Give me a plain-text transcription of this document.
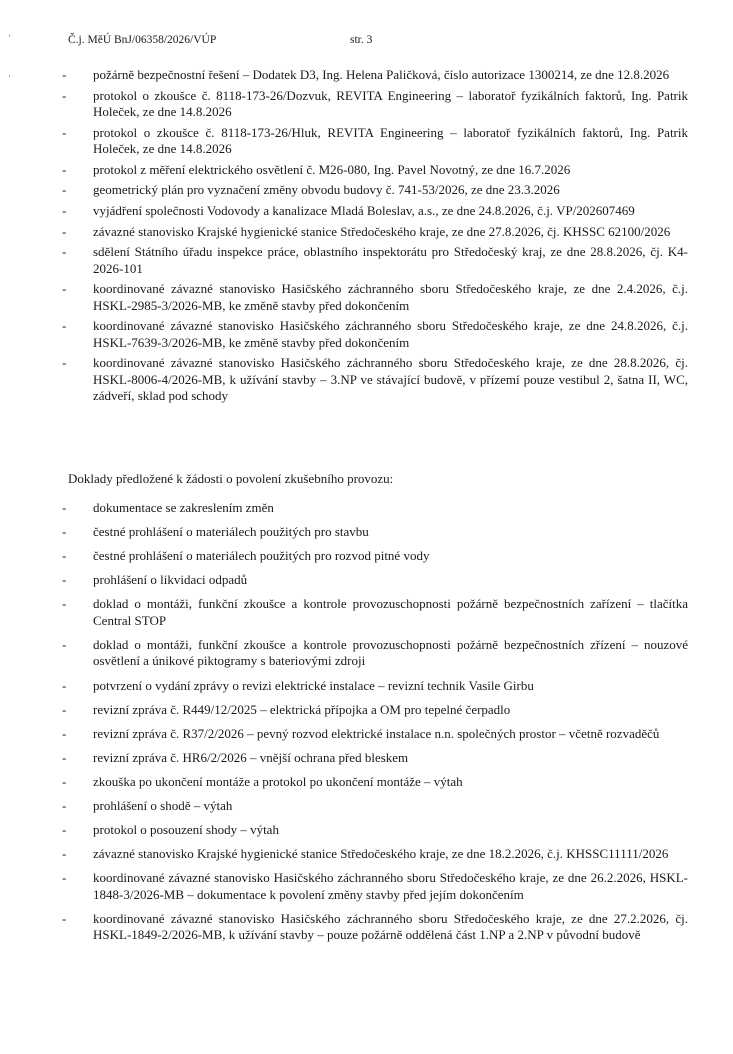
’
‘
Č.j. MěÚ BnJ/06358/2026/VÚP	str. 3
- požárně bezpečnostní řešení – Dodatek D3, Ing. Helena Paličková, číslo autorizace 1300214, ze dne 12.8.2026
- protokol o zkoušce č. 8118-173-26/Dozvuk, REVITA Engineering – laboratoř fyzikálních faktorů, Ing. Patrik Holeček, ze dne 14.8.2026
- protokol o zkoušce č. 8118-173-26/Hluk, REVITA Engineering – laboratoř fyzikálních faktorů, Ing. Patrik Holeček, ze dne 14.8.2026
- protokol z měření elektrického osvětlení č. M26-080, Ing. Pavel Novotný, ze dne 16.7.2026
- geometrický plán pro vyznačení změny obvodu budovy č. 741-53/2026, ze dne 23.3.2026
- vyjádření společnosti Vodovody a kanalizace Mladá Boleslav, a.s., ze dne 24.8.2026, č.j. VP/202607469
- závazné stanovisko Krajské hygienické stanice Středočeského kraje, ze dne 27.8.2026, čj. KHSSC 62100/2026
- sdělení Státního úřadu inspekce práce, oblastního inspektorátu pro Středočeský kraj, ze dne 28.8.2026, čj. K4-2026-101
- koordinované závazné stanovisko Hasičského záchranného sboru Středočeského kraje, ze dne 2.4.2026, č.j. HSKL-2985-3/2026-MB, ke změně stavby před dokončením
- koordinované závazné stanovisko Hasičského záchranného sboru Středočeského kraje, ze dne 24.8.2026, č.j. HSKL-7639-3/2026-MB, ke změně stavby před dokončením
- koordinované závazné stanovisko Hasičského záchranného sboru Středočeského kraje, ze dne 28.8.2026, čj. HSKL-8006-4/2026-MB, k užívání stavby – 3.NP ve stávající budově, v přízemí pouze vestibul 2, šatna II, WC, zádveří, sklad pod schody
Doklady předložené k žádosti o povolení zkušebního provozu:
- dokumentace se zakreslením změn
- čestné prohlášení o materiálech použitých pro stavbu
- čestné prohlášení o materiálech použitých pro rozvod pitné vody
- prohlášení o likvidaci odpadů
- doklad o montáži, funkční zkoušce a kontrole provozuschopnosti požárně bezpečnostních zařízení – tlačítka Central STOP
- doklad o montáži, funkční zkoušce a kontrole provozuschopnosti požárně bezpečnostních zřízení – nouzové osvětlení a únikové piktogramy s bateriovými zdroji
- potvrzení o vydání zprávy o revizi elektrické instalace – revizní technik Vasile Girbu
- revizní zpráva č. R449/12/2025 – elektrická přípojka a OM pro tepelné čerpadlo
- revizní zpráva č. R37/2/2026 – pevný rozvod elektrické instalace n.n. společných prostor – včetně rozvaděčů
- revizní zpráva č. HR6/2/2026 – vnější ochrana před bleskem
- zkouška po ukončení montáže a protokol po ukončení montáže – výtah
- prohlášení o shodě – výtah
- protokol o posouzení shody – výtah
- závazné stanovisko Krajské hygienické stanice Středočeského kraje, ze dne 18.2.2026, č.j. KHSSC11111/2026
- koordinované závazné stanovisko Hasičského záchranného sboru Středočeského kraje, ze dne 26.2.2026, HSKL-1848-3/2026-MB – dokumentace k povolení změny stavby před jejím dokončením
- koordinované závazné stanovisko Hasičského záchranného sboru Středočeského kraje, ze dne 27.2.2026, čj. HSKL-1849-2/2026-MB, k užívání stavby – pouze požárně oddělená část 1.NP a 2.NP v původní budově
